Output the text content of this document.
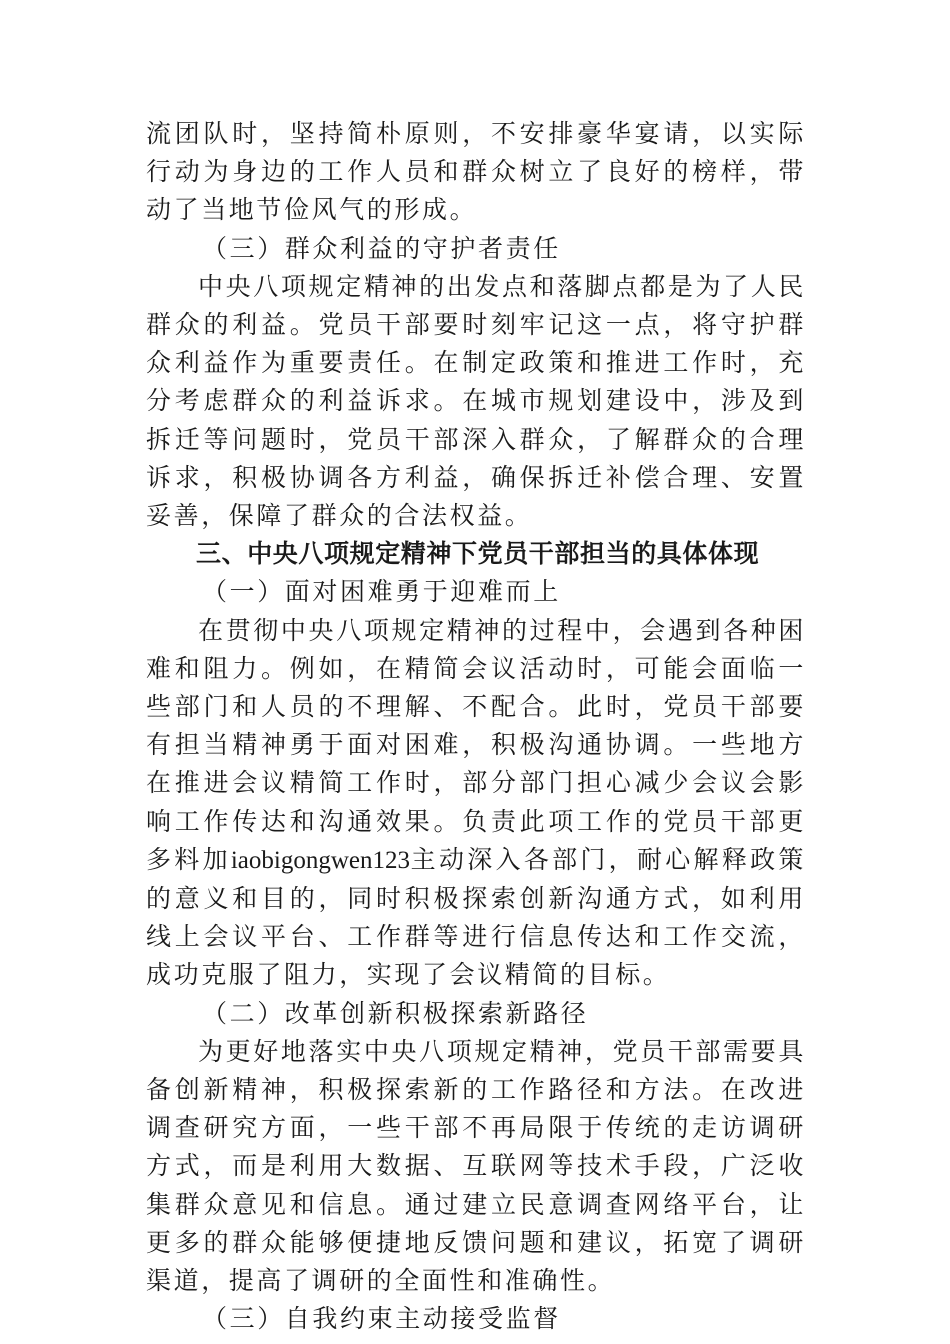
流团队时，坚持简朴原则，不安排豪华宴请，以实际行动为身边的工作人员和群众树立了良好的榜样，带动了当地节俭风气的形成。

（三）群众利益的守护者责任

中央八项规定精神的出发点和落脚点都是为了人民群众的利益。党员干部要时刻牢记这一点，将守护群众利益作为重要责任。在制定政策和推进工作时，充分考虑群众的利益诉求。在城市规划建设中，涉及到拆迁等问题时，党员干部深入群众，了解群众的合理诉求，积极协调各方利益，确保拆迁补偿合理、安置妥善，保障了群众的合法权益。

三、中央八项规定精神下党员干部担当的具体体现

（一）面对困难勇于迎难而上

在贯彻中央八项规定精神的过程中，会遇到各种困难和阻力。例如，在精简会议活动时，可能会面临一些部门和人员的不理解、不配合。此时，党员干部要有担当精神勇于面对困难，积极沟通协调。一些地方在推进会议精简工作时，部分部门担心减少会议会影响工作传达和沟通效果。负责此项工作的党员干部更多料加iaobigongwen123主动深入各部门，耐心解释政策的意义和目的，同时积极探索创新沟通方式，如利用线上会议平台、工作群等进行信息传达和工作交流，成功克服了阻力，实现了会议精简的目标。

（二）改革创新积极探索新路径

为更好地落实中央八项规定精神，党员干部需要具备创新精神，积极探索新的工作路径和方法。在改进调查研究方面，一些干部不再局限于传统的走访调研方式，而是利用大数据、互联网等技术手段，广泛收集群众意见和信息。通过建立民意调查网络平台，让更多的群众能够便捷地反馈问题和建议，拓宽了调研渠道，提高了调研的全面性和准确性。

（三）自我约束主动接受监督
